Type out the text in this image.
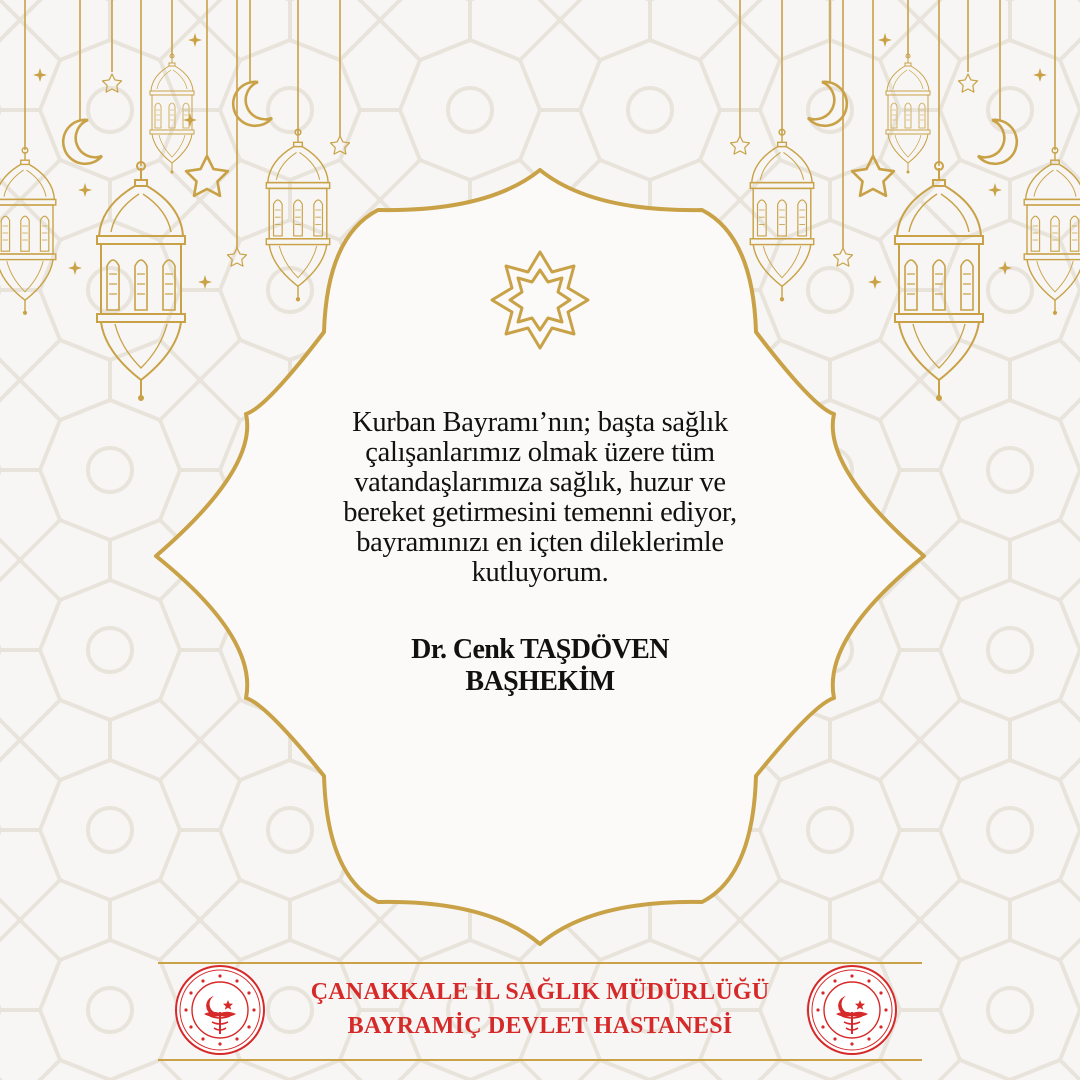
Kurban Bayramı’nın; başta sağlık
çalışanlarımız olmak üzere tüm
vatandaşlarımıza sağlık, huzur ve
bereket getirmesini temenni ediyor,
bayramınızı en içten dileklerimle
kutluyorum.
Dr. Cenk TAŞDÖVEN
BAŞHEKİM
ÇANAKKALE İL SAĞLIK MÜDÜRLÜĞÜ
BAYRAMİÇ DEVLET HASTANESİ
